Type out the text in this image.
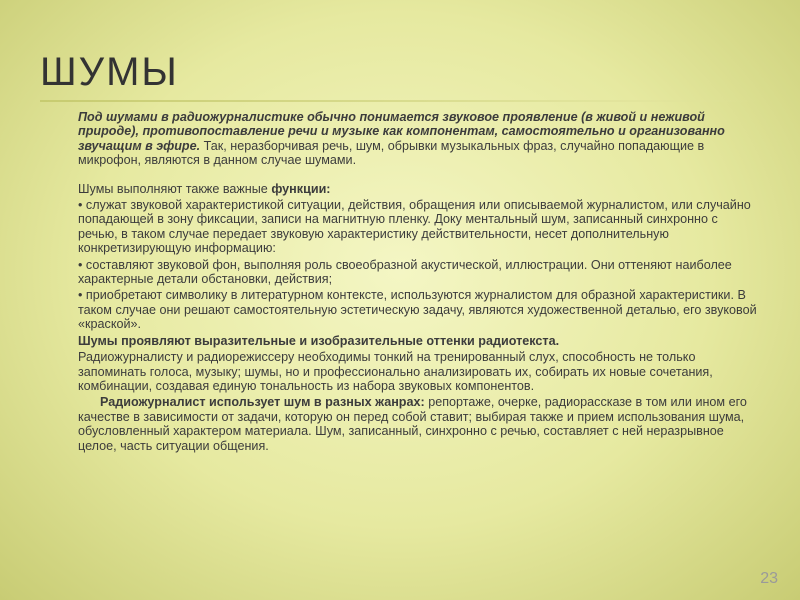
ШУМЫ

Под шумами в радиожурналистике обычно понимается звуковое проявление (в живой и неживой природе), противопоставление речи и музыке как компонентам, самостоятельно и организованно звучащим в эфире. Так, неразборчивая речь, шум, обрывки музыкальных фраз, случайно попадающие в микрофон, являются в данном случае шумами.

Шумы выполняют также важные функции:

• служат звуковой характеристикой ситуации, действия, обращения или описываемой журналистом, или случайно попадающей в зону фиксации, записи на магнитную пленку. Доку ментальный шум, записанный синхронно с речью, в таком случае передает звуковую характеристику действительности, несет дополнительную конкретизирующую информацию:

• составляют звуковой фон, выполняя роль своеобразной акустической, иллюстрации. Они оттеняют наиболее характерные детали обстановки, действия;

• приобретают символику в литературном контексте, используются журналистом для образной характеристики. В таком случае они решают самостоятельную эстетическую задачу, являются художественной деталью, его звуковой «краской».

Шумы проявляют выразительные и изобразительные оттенки радиотекста.

Радиожурналисту и радиорежиссеру необходимы тонкий на тренированный слух, способность не только запоминать голоса, музыку; шумы, но и профессионально анализировать их, собирать их новые сочетания, комбинации, создавая единую тональность из набора звуковых компонентов.

Радиожурналист использует шум в разных жанрах: репортаже, очерке, радиорассказе в том или ином его качестве в зависимости от задачи, которую он перед собой ставит; выбирая также и прием использования шума, обусловленный характером материала. Шум, записанный, синхронно с речью, составляет с ней неразрывное целое, часть ситуации общения.

23
